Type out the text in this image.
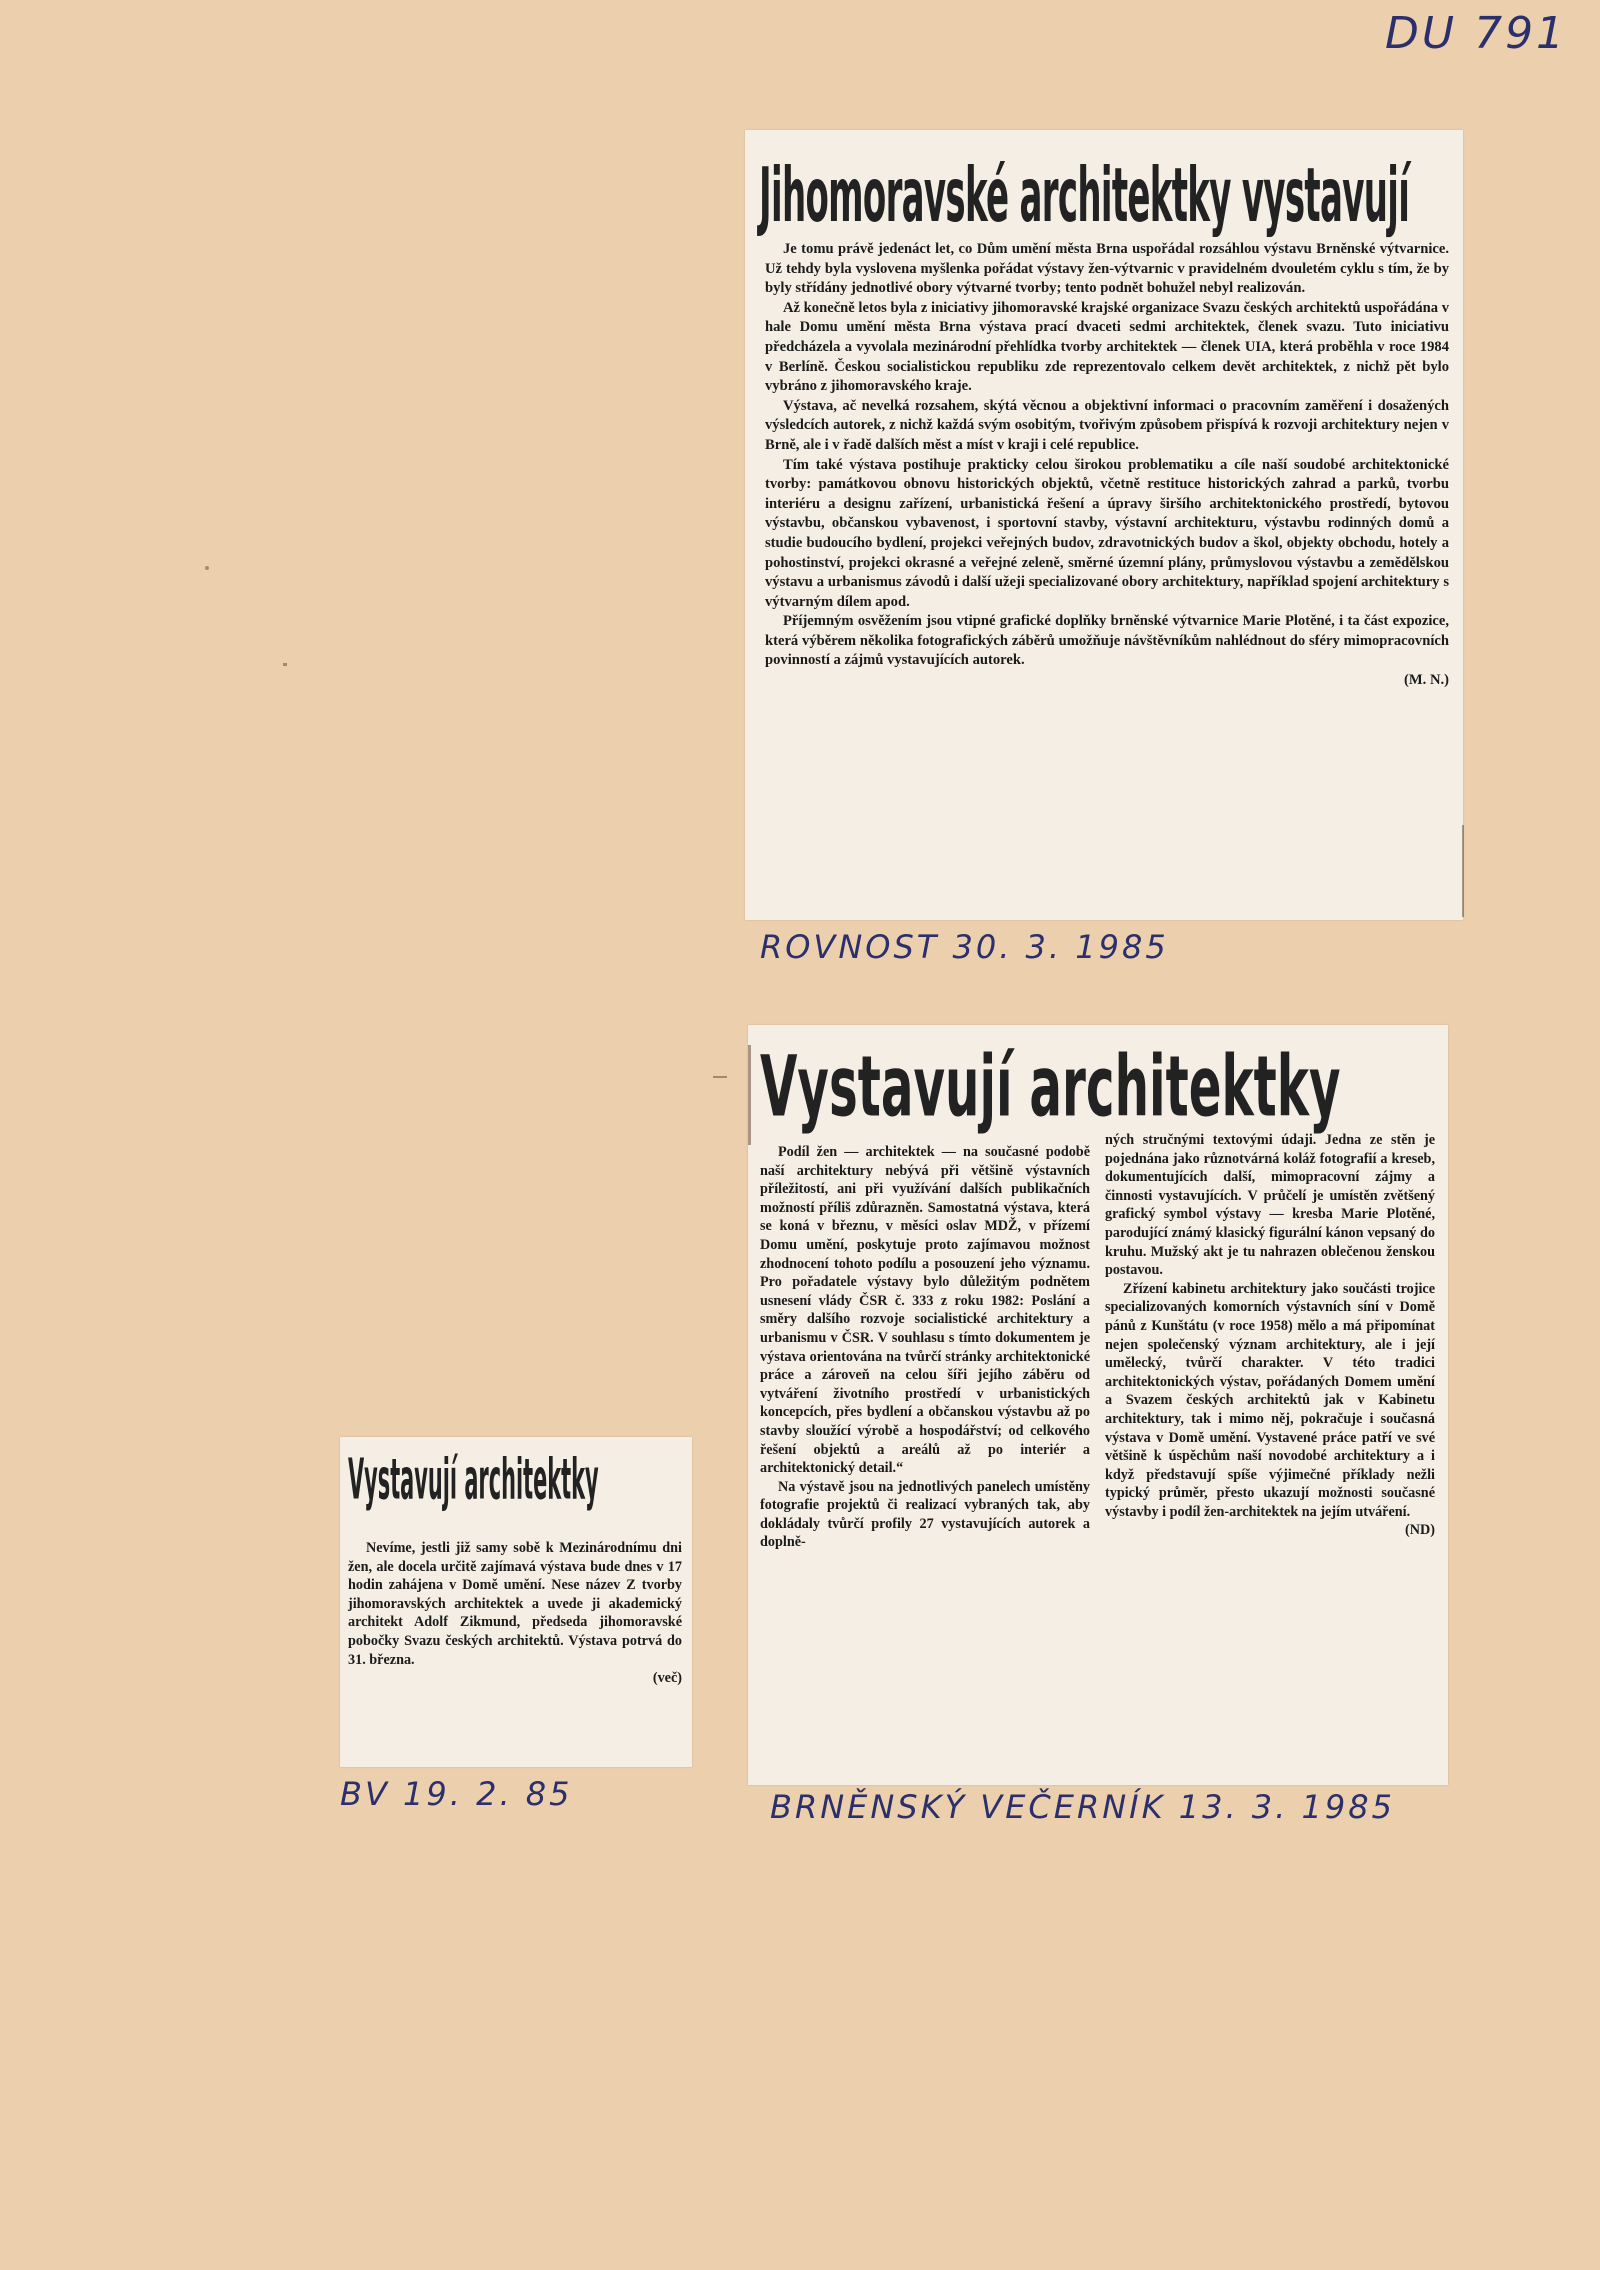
DU 791
Jihomoravské architektky vystavují

Je tomu právě jedenáct let, co Dům umění města Brna uspořádal rozsáhlou výstavu Brněnské výtvarnice. Už tehdy byla vyslovena myšlenka pořádat výstavy žen-výtvarnic v pravidelném dvouletém cyklu s tím, že by byly střídány jednotlivé obory výtvarné tvorby; tento podnět bohužel nebyl realizován.

Až konečně letos byla z iniciativy jihomoravské krajské organizace Svazu českých architektů uspořádána v hale Domu umění města Brna výstava prací dvaceti sedmi architektek, členek svazu. Tuto iniciativu předcházela a vyvolala mezinárodní přehlídka tvorby architektek — členek UIA, která proběhla v roce 1984 v Berlíně. Českou socialistickou republiku zde reprezentovalo celkem devět architektek, z nichž pět bylo vybráno z jihomoravského kraje.

Výstava, ač nevelká rozsahem, skýtá věcnou a objektivní informaci o pracovním zaměření i dosažených výsledcích autorek, z nichž každá svým osobitým, tvořivým způsobem přispívá k rozvoji architektury nejen v Brně, ale i v řadě dalších měst a míst v kraji i celé republice.

Tím také výstava postihuje prakticky celou širokou problematiku a cíle naší soudobé architektonické tvorby: památkovou obnovu historických objektů, včetně restituce historických zahrad a parků, tvorbu interiéru a designu zařízení, urbanistická řešení a úpravy širšího architektonického prostředí, bytovou výstavbu, občanskou vybavenost, i sportovní stavby, výstavní architekturu, výstavbu rodinných domů a studie budoucího bydlení, projekci veřejných budov, zdravotnických budov a škol, objekty obchodu, hotely a pohostinství, projekci okrasné a veřejné zeleně, směrné územní plány, průmyslovou výstavbu a zemědělskou výstavu a urbanismus závodů i další užeji specializované obory architektury, například spojení architektury s výtvarným dílem apod.

Příjemným osvěžením jsou vtipné grafické doplňky brněnské výtvarnice Marie Plotěné, i ta část expozice, která výběrem několika fotografických záběrů umožňuje návštěvníkům nahlédnout do sféry mimopracovních povinností a zájmů vystavujících autorek.

(M. N.)
ROVNOST 30. 3. 1985
Vystavují architektky

Podíl žen — architektek — na současné podobě naší architektury nebývá při většině výstavních příležitostí, ani při využívání dalších publikačních možností příliš zdůrazněn. Samostatná výstava, která se koná v březnu, v měsíci oslav MDŽ, v přízemí Domu umění, poskytuje proto zajímavou možnost zhodnocení tohoto podílu a posouzení jeho významu. Pro pořadatele výstavy bylo důležitým podnětem usnesení vlády ČSR č. 333 z roku 1982: Poslání a směry dalšího rozvoje socialistické architektury a urbanismu v ČSR. V souhlasu s tímto dokumentem je výstava orientována na tvůrčí stránky architektonické práce a zároveň na celou šíři jejího záběru od vytváření životního prostředí v urbanistických koncepcích, přes bydlení a občanskou výstavbu až po stavby sloužící výrobě a hospodářství; od celkového řešení objektů a areálů až po interiér a architektonický detail.“

Na výstavě jsou na jednotlivých panelech umístěny fotografie projektů či realizací vybraných tak, aby dokládaly tvůrčí profily 27 vystavujících autorek a doplně-

ných stručnými textovými údaji. Jedna ze stěn je pojednána jako různotvárná koláž fotografií a kreseb, dokumentujících další, mimopracovní zájmy a činnosti vystavujících. V průčelí je umístěn zvětšený grafický symbol výstavy — kresba Marie Plotěné, parodující známý klasický figurální kánon vepsaný do kruhu. Mužský akt je tu nahrazen oblečenou ženskou postavou.

Zřízení kabinetu architektury jako součásti trojice specializovaných komorních výstavních síní v Domě pánů z Kunštátu (v roce 1958) mělo a má připomínat nejen společenský význam architektury, ale i její umělecký, tvůrčí charakter. V této tradici architektonických výstav, pořádaných Domem umění a Svazem českých architektů jak v Kabinetu architektury, tak i mimo něj, pokračuje i současná výstava v Domě umění. Vystavené práce patří ve své většině k úspěchům naší novodobé architektury a i když představují spíše výjimečné příklady nežli typický průměr, přesto ukazují možnosti současné výstavby i podíl žen-architektek na jejím utváření.

(ND)
BRNĚNSKÝ VEČERNÍK 13. 3. 1985
Vystavují architektky

Nevíme, jestli již samy sobě k Mezinárodnímu dni žen, ale docela určitě zajímavá výstava bude dnes v 17 hodin zahájena v Domě umění. Nese název Z tvorby jihomoravských architektek a uvede ji akademický architekt Adolf Zikmund, předseda jihomoravské pobočky Svazu českých architektů. Výstava potrvá do 31. března.

(več)
BV 19. 2. 85
